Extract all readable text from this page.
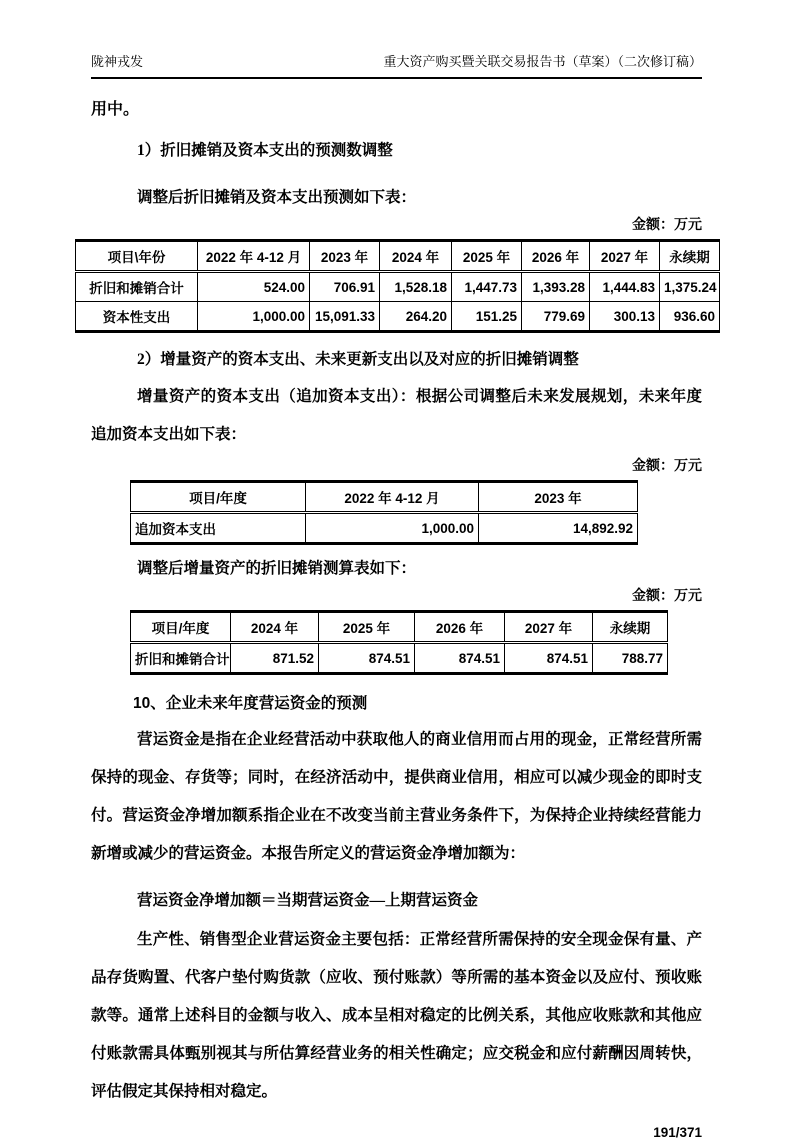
陇神戎发	重大资产购买暨关联交易报告书（草案）（二次修订稿）
用中。
1）折旧摊销及资本支出的预测数调整
调整后折旧摊销及资本支出预测如下表：
金额：万元
项目\年份	2022 年 4-12 月	2023 年	2024 年	2025 年	2026 年	2027 年	永续期
折旧和摊销合计	524.00	706.91	1,528.18	1,447.73	1,393.28	1,444.83	1,375.24
资本性支出	1,000.00	15,091.33	264.20	151.25	779.69	300.13	936.60
2）增量资产的资本支出、未来更新支出以及对应的折旧摊销调整
增量资产的资本支出（追加资本支出）：根据公司调整后未来发展规划，未来年度追加资本支出如下表：
金额：万元
项目/年度	2022 年 4-12 月	2023 年
追加资本支出	1,000.00	14,892.92
调整后增量资产的折旧摊销测算表如下：
金额：万元
项目/年度	2024 年	2025 年	2026 年	2027 年	永续期
折旧和摊销合计	871.52	874.51	874.51	874.51	788.77
10、企业未来年度营运资金的预测
营运资金是指在企业经营活动中获取他人的商业信用而占用的现金，正常经营所需保持的现金、存货等；同时，在经济活动中，提供商业信用，相应可以减少现金的即时支付。营运资金净增加额系指企业在不改变当前主营业务条件下，为保持企业持续经营能力新增或减少的营运资金。本报告所定义的营运资金净增加额为：
营运资金净增加额＝当期营运资金—上期营运资金
生产性、销售型企业营运资金主要包括：正常经营所需保持的安全现金保有量、产品存货购置、代客户垫付购货款（应收、预付账款）等所需的基本资金以及应付、预收账款等。通常上述科目的金额与收入、成本呈相对稳定的比例关系，其他应收账款和其他应付账款需具体甄别视其与所估算经营业务的相关性确定；应交税金和应付薪酬因周转快，评估假定其保持相对稳定。
191/371
